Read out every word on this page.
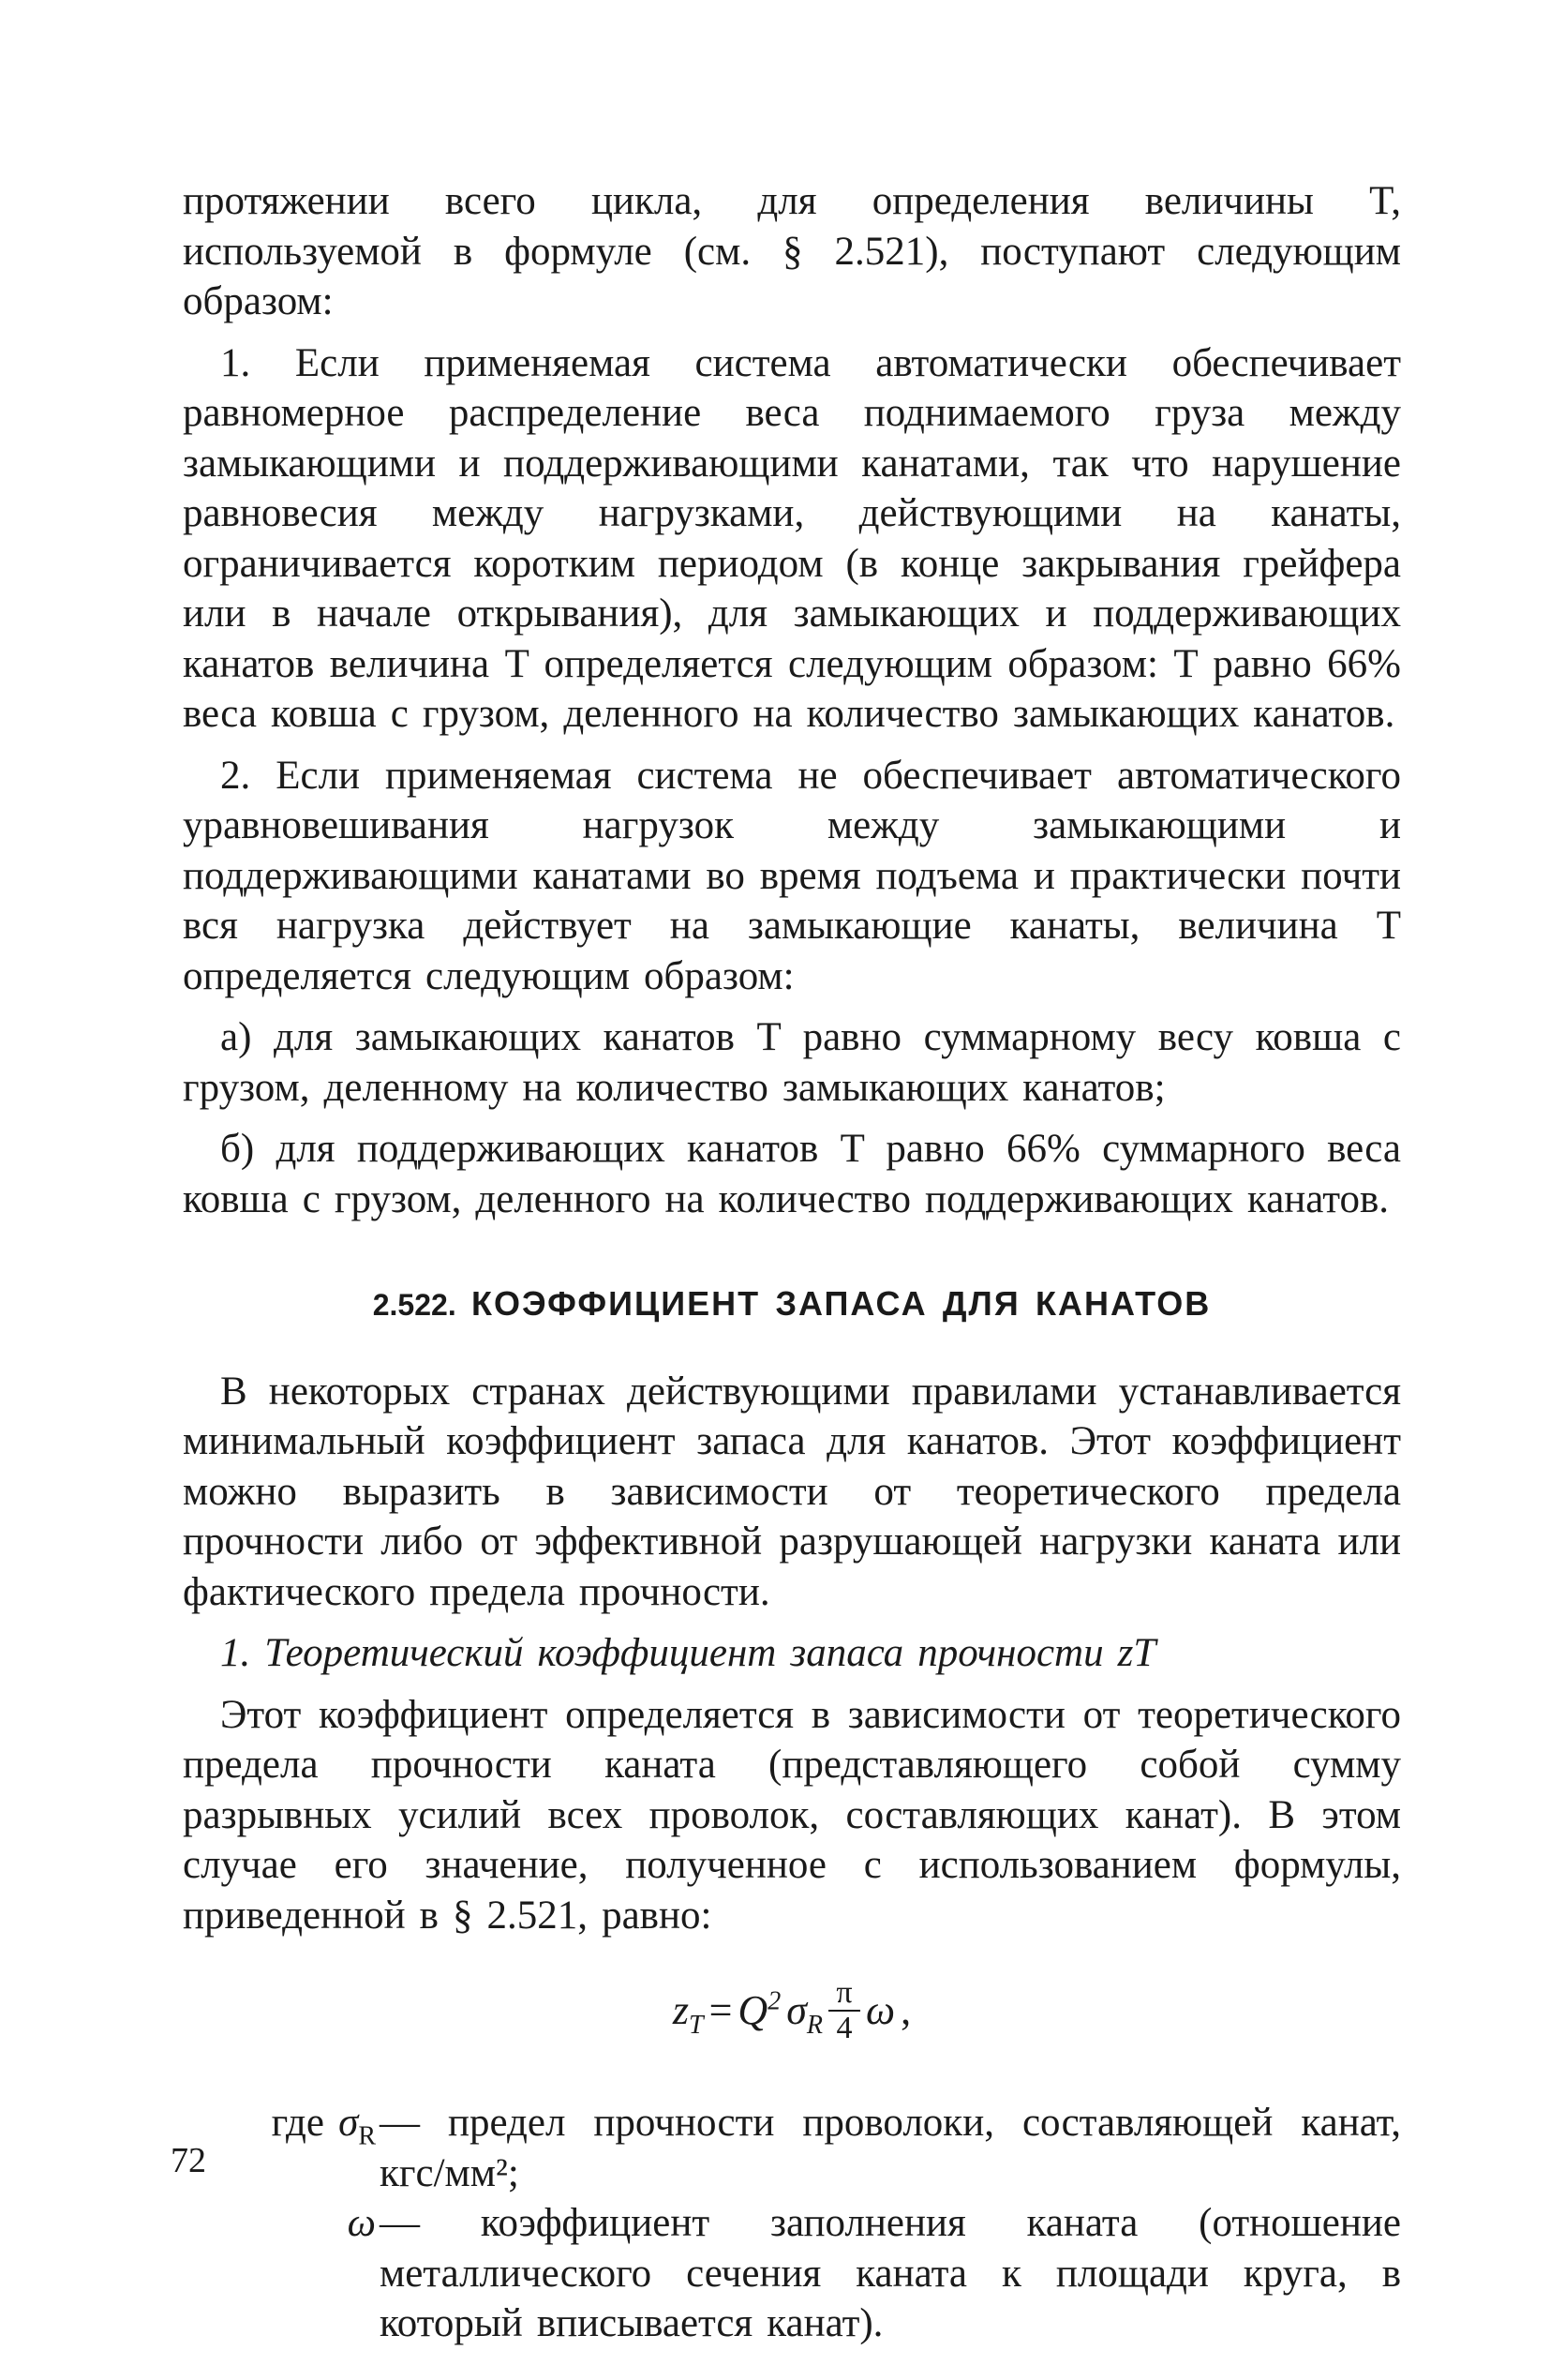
протяжении всего цикла, для определения величины T, используемой в формуле (см. § 2.521), поступают следующим образом:

1. Если применяемая система автоматически обеспечивает равномерное распределение веса поднимаемого груза между замыкающими и поддерживающими канатами, так что нарушение равновесия между нагрузками, действующими на канаты, ограничивается коротким периодом (в конце закрывания грейфера или в начале открывания), для замыкающих и поддерживающих канатов величина T определяется следующим образом: T равно 66% веса ковша с грузом, деленного на количество замыкающих канатов.

2. Если применяемая система не обеспечивает автоматического уравновешивания нагрузок между замыкающими и поддерживающими канатами во время подъема и практически почти вся нагрузка действует на замыкающие канаты, величина T определяется следующим образом:

а) для замыкающих канатов T равно суммарному весу ковша с грузом, деленному на количество замыкающих канатов;

б) для поддерживающих канатов T равно 66% суммарного веса ковша с грузом, деленного на количество поддерживающих канатов.

2.522. КОЭФФИЦИЕНТ ЗАПАСА ДЛЯ КАНАТОВ

В некоторых странах действующими правилами устанавливается минимальный коэффициент запаса для канатов. Этот коэффициент можно выразить в зависимости от теоретического предела прочности либо от эффективной разрушающей нагрузки каната или фактического предела прочности.

1. Теоретический коэффициент запаса прочности zT

Этот коэффициент определяется в зависимости от теоретического предела прочности каната (представляющего собой сумму разрывных усилий всех проволок, составляющих канат). В этом случае его значение, полученное с использованием формулы, приведенной в § 2.521, равно:

$z_T = Q^2$ $\sigma_R \frac{\pi}{4}$ ω ,
где $\sigma_R$ — предел прочности проволоки, составляющей канат, кгс/мм²;
ω — коэффициент заполнения каната (отношение металлического сечения каната к площади круга, в который вписывается канат).
72
